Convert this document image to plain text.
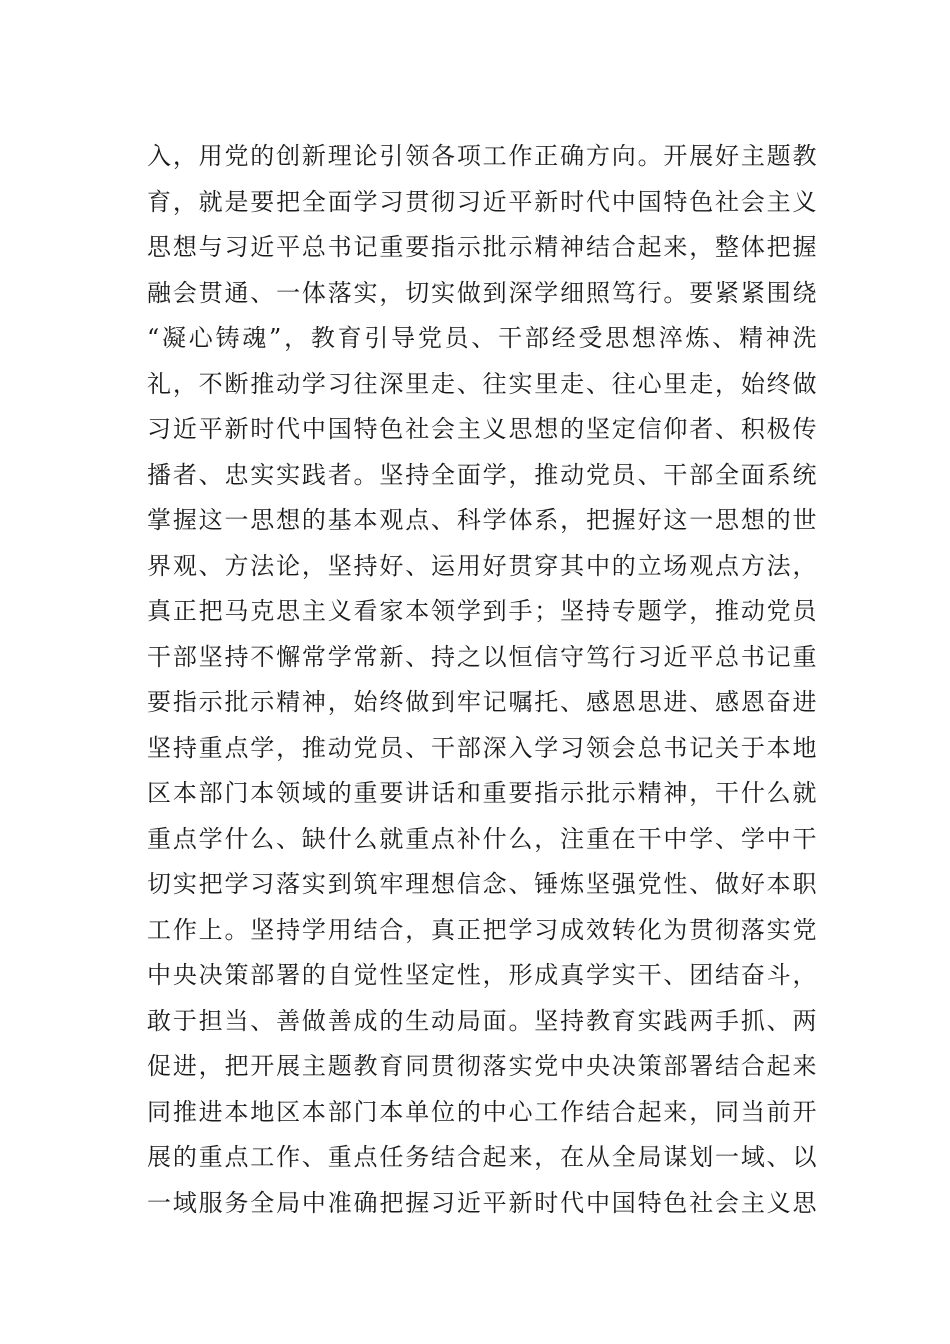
入，用党的创新理论引领各项工作正确方向。开展好主题教
育，就是要把全面学习贯彻习近平新时代中国特色社会主义
思想与习近平总书记重要指示批示精神结合起来，整体把握
融会贯通、一体落实，切实做到深学细照笃行。要紧紧围绕
“凝心铸魂”，教育引导党员、干部经受思想淬炼、精神洗
礼，不断推动学习往深里走、往实里走、往心里走，始终做
习近平新时代中国特色社会主义思想的坚定信仰者、积极传
播者、忠实实践者。坚持全面学，推动党员、干部全面系统
掌握这一思想的基本观点、科学体系，把握好这一思想的世
界观、方法论，坚持好、运用好贯穿其中的立场观点方法，
真正把马克思主义看家本领学到手；坚持专题学，推动党员
干部坚持不懈常学常新、持之以恒信守笃行习近平总书记重
要指示批示精神，始终做到牢记嘱托、感恩思进、感恩奋进
坚持重点学，推动党员、干部深入学习领会总书记关于本地
区本部门本领域的重要讲话和重要指示批示精神，干什么就
重点学什么、缺什么就重点补什么，注重在干中学、学中干
切实把学习落实到筑牢理想信念、锤炼坚强党性、做好本职
工作上。坚持学用结合，真正把学习成效转化为贯彻落实党
中央决策部署的自觉性坚定性，形成真学实干、团结奋斗，
敢于担当、善做善成的生动局面。坚持教育实践两手抓、两
促进，把开展主题教育同贯彻落实党中央决策部署结合起来
同推进本地区本部门本单位的中心工作结合起来，同当前开
展的重点工作、重点任务结合起来，在从全局谋划一域、以
一域服务全局中准确把握习近平新时代中国特色社会主义思
